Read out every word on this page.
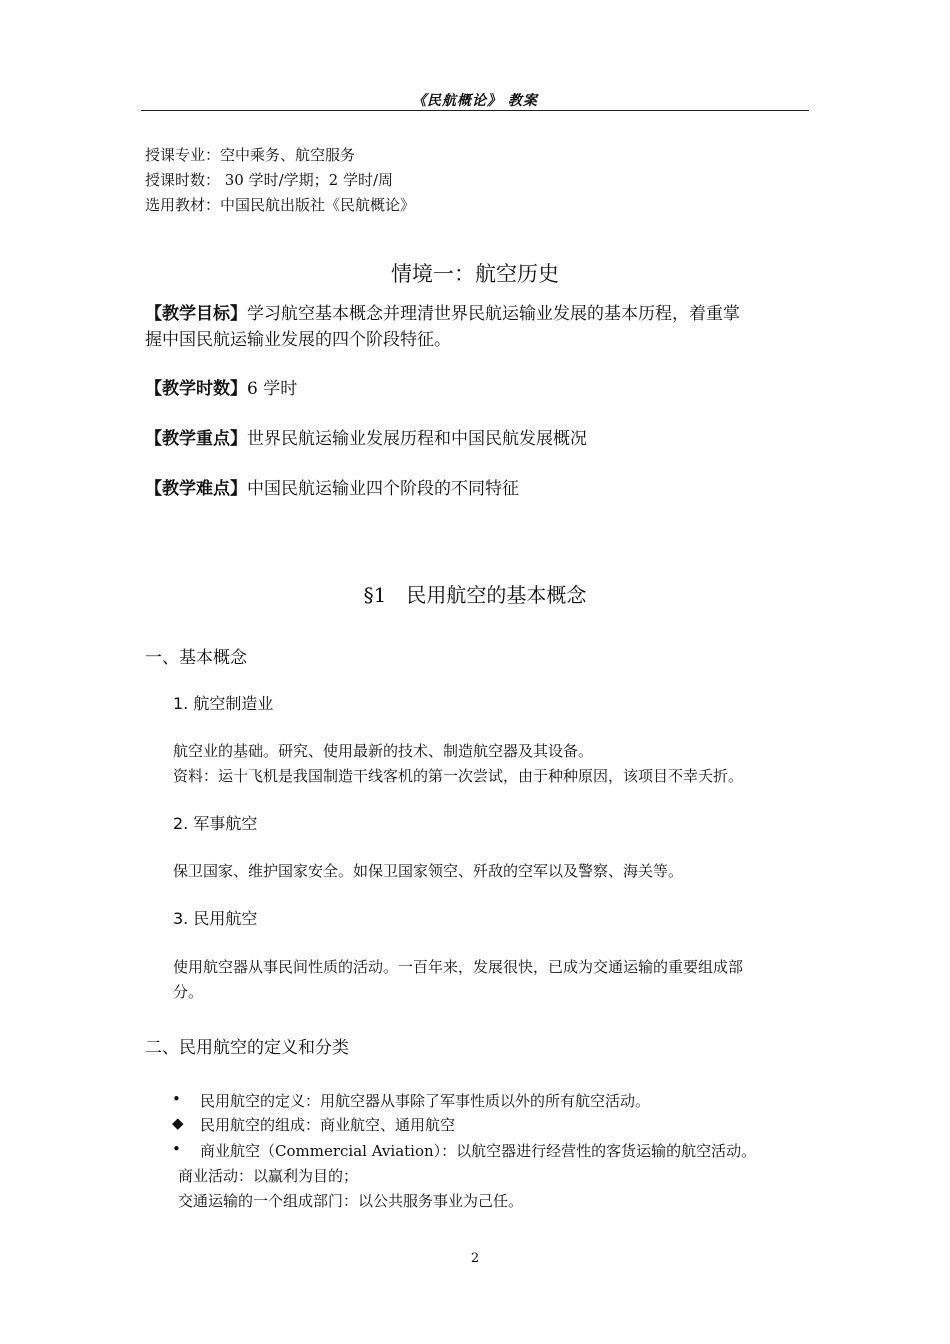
《民航概论》 教案
授课专业：空中乘务、航空服务
授课时数： 30 学时/学期；2 学时/周
选用教材：中国民航出版社《民航概论》
情境一：航空历史
【教学目标】学习航空基本概念并理清世界民航运输业发展的基本历程，着重掌
握中国民航运输业发展的四个阶段特征。
【教学时数】6 学时
【教学重点】世界民航运输业发展历程和中国民航发展概况
【教学难点】中国民航运输业四个阶段的不同特征
§1　民用航空的基本概念
一、基本概念
1. 航空制造业
航空业的基础。研究、使用最新的技术、制造航空器及其设备。
资料：运十飞机是我国制造干线客机的第一次尝试，由于种种原因，该项目不幸夭折。
2. 军事航空
保卫国家、维护国家安全。如保卫国家领空、歼敌的空军以及警察、海关等。
3. 民用航空
使用航空器从事民间性质的活动。一百年来，发展很快，已成为交通运输的重要组成部
分。
二、民用航空的定义和分类
• 民用航空的定义：用航空器从事除了军事性质以外的所有航空活动。
◆ 民用航空的组成：商业航空、通用航空
• 商业航空（Commercial Aviation）：以航空器进行经营性的客货运输的航空活动。
商业活动：以赢利为目的；
交通运输的一个组成部门：以公共服务事业为己任。
2
